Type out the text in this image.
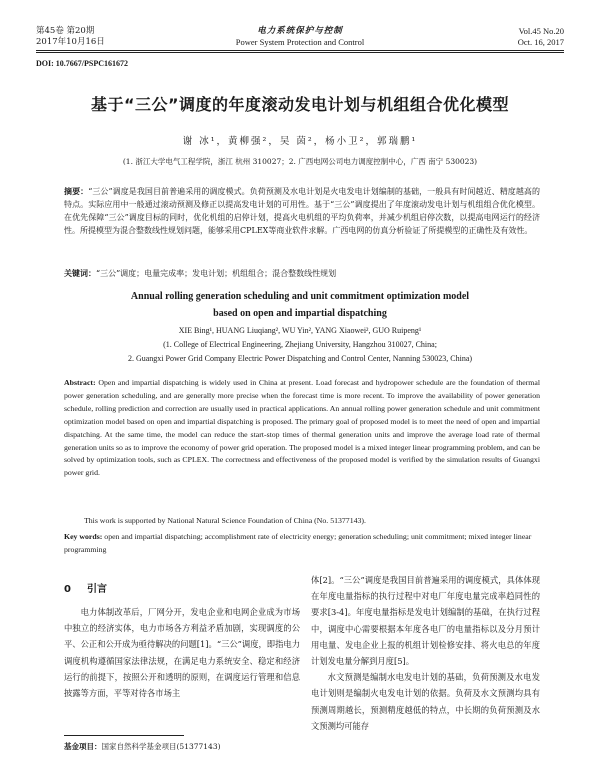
第45卷 第20期
2017年10月16日
电力系统保护与控制
Power System Protection and Control
Vol.45 No.20
Oct. 16, 2017
DOI: 10.7667/PSPC161672
基于“三公”调度的年度滚动发电计划与机组组合优化模型
谢 冰¹，黄柳强²，吴 茵²，杨小卫²，郭瑞鹏¹
(1. 浙江大学电气工程学院，浙江 杭州 310027；2. 广西电网公司电力调度控制中心，广西 南宁 530023)
摘要：“三公”调度是我国目前普遍采用的调度模式。负荷预测及水电计划是火电发电计划编制的基础，一般具有时间越近、精度越高的特点。实际应用中一般通过滚动预测及修正以提高发电计划的可用性。基于“三公”调度提出了年度滚动发电计划与机组组合优化模型。在优先保障“三公”调度目标的同时，优化机组的启停计划，提高火电机组的平均负荷率，并减少机组启停次数，以提高电网运行的经济性。所提模型为混合整数线性规划问题，能够采用CPLEX等商业软件求解。广西电网的仿真分析验证了所提模型的正确性及有效性。
关键词：“三公”调度；电量完成率；发电计划；机组组合；混合整数线性规划
Annual rolling generation scheduling and unit commitment optimization model
based on open and impartial dispatching
XIE Bing¹, HUANG Liuqiang², WU Yin², YANG Xiaowei², GUO Ruipeng¹
(1. College of Electrical Engineering, Zhejiang University, Hangzhou 310027, China;
2. Guangxi Power Grid Company Electric Power Dispatching and Control Center, Nanning 530023, China)
Abstract: Open and impartial dispatching is widely used in China at present. Load forecast and hydropower schedule are the foundation of thermal power generation scheduling, and are generally more precise when the forecast time is more recent. To improve the availability of power generation schedule, rolling prediction and correction are usually used in practical applications. An annual rolling power generation schedule and unit commitment optimization model based on open and impartial dispatching is proposed. The primary goal of proposed model is to meet the need of open and impartial dispatching. At the same time, the model can reduce the start-stop times of thermal generation units and improve the average load rate of thermal generation units so as to improve the economy of power grid operation. The proposed model is a mixed integer linear programming problem, and can be solved by optimization tools, such as CPLEX. The correctness and effectiveness of the proposed model is verified by the simulation results of Guangxi power grid.
This work is supported by National Natural Science Foundation of China (No. 51377143).
Key words: open and impartial dispatching; accomplishment rate of electricity energy; generation scheduling; unit commitment; mixed integer linear programming
0 引言
电力体制改革后，厂网分开，发电企业和电网企业成为市场中独立的经济实体，电力市场各方利益矛盾加剧，实现调度的公平、公正和公开成为亟待解决的问题[1]。“三公”调度，即指电力调度机构遵循国家法律法规，在满足电力系统安全、稳定和经济运行的前提下，按照公开和透明的原则，在调度运行管理和信息披露等方面，平等对待各市场主
体[2]。“三公”调度是我国目前普遍采用的调度模式，具体体现在年度电量指标的执行过程中对电厂年度电量完成率趋同性的要求[3-4]。年度电量指标是发电计划编制的基础，在执行过程中，调度中心需要根据本年度各电厂的电量指标以及分月预计用电量、发电企业上报的机组计划检修安排、将火电总的年度计划发电量分解到月度[5]。
水文预测是编制水电发电计划的基础，负荷预测及水电发电计划则是编制火电发电计划的依据。负荷及水文预测均具有预测周期越长，预测精度越低的特点，中长期的负荷预测及水文预测均可能存
基金项目：国家自然科学基金项目(51377143)
